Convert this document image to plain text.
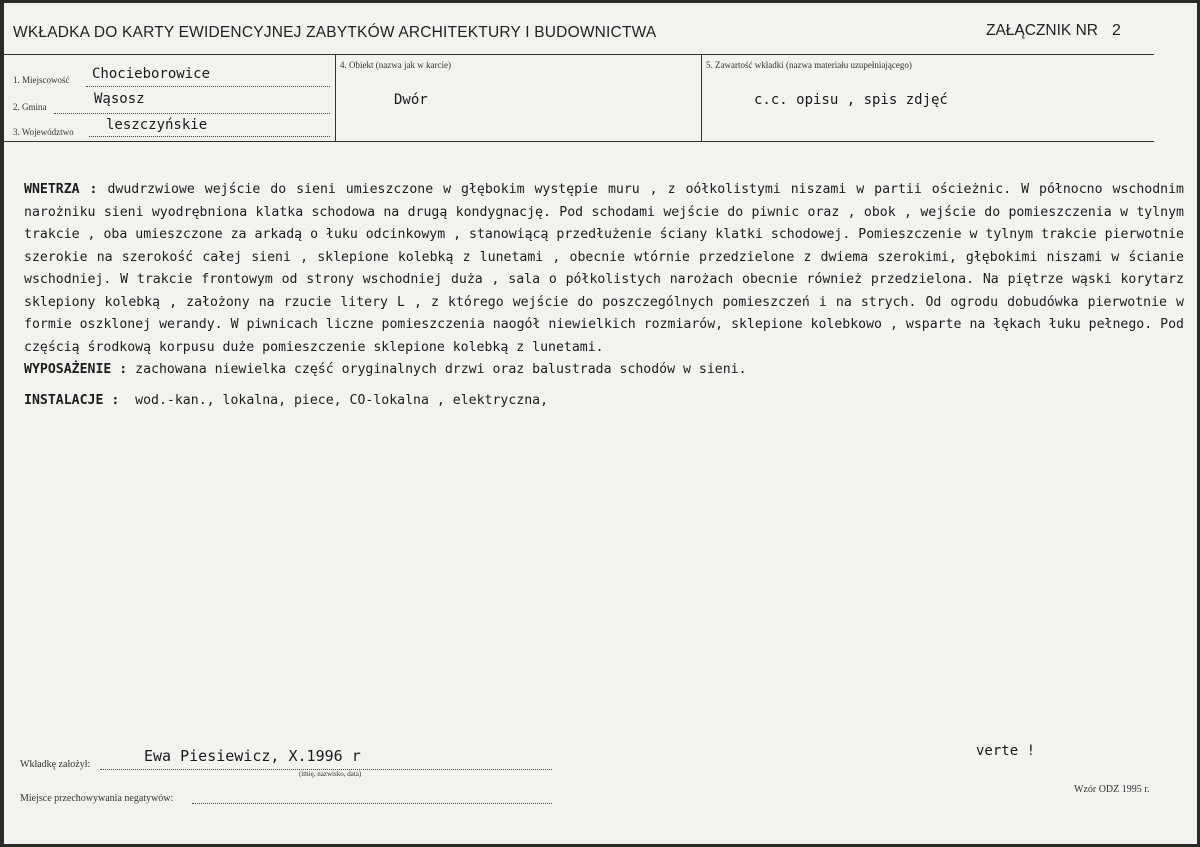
WKŁADKA DO KARTY EWIDENCYJNEJ ZABYTKÓW ARCHITEKTURY I BUDOWNICTWA	ZAŁĄCZNIK NR 2
1. Miejscowość Chocieborowice
2. Gmina	Wąsosz
3. Województwo leszczyńskie
4. Obiekt (nazwa jak w karcie)
Dwór
5. Zawartość wkładki (nazwa materiału uzupełniającego)
c.c. opisu , spis zdjęć

WNETRZA : dwudrzwiowe wejście do sieni umieszczone w głębokim występie muru , z oółkolistymi niszami w partii ościeżnic. W północno wschodnim narożniku sieni wyodrębniona klatka schodowa na drugą kondygnację. Pod schodami wejście do piwnic oraz , obok , wejście do pomieszczenia w tylnym trakcie , oba umieszczone za arkadą o łuku odcinkowym , stanowiącą przedłużenie ściany klatki schodowej. Pomieszczenie w tylnym trakcie pierwotnie szerokie na szerokość całej sieni , sklepione kolebką z lunetami , obecnie wtórnie przedzielone z dwiema szerokimi, głębokimi niszami w ścianie wschodniej. W trakcie frontowym od strony wschodniej duża , sala o półkolistych narożach obecnie również przedzielona. Na piętrze wąski korytarz sklepiony kolebką , założony na rzucie litery L , z którego wejście do poszczególnych pomieszczeń i na strych. Od ogrodu dobudówka pierwotnie w formie oszklonej werandy. W piwnicach liczne pomieszczenia naogół niewielkich rozmiarów, sklepione kolebkowo , wsparte na łękach łuku pełnego. Pod częścią środkową korpusu duże pomieszczenie sklepione kolebką z lunetami.

WYPOSAŻENIE : zachowana niewielka część oryginalnych drzwi oraz balustrada schodów w sieni.

INSTALACJE : wod.-kan., lokalna, piece, CO-lokalna , elektryczna,

Wkładkę założył:	Ewa Piesiewicz, X.1996 r
(imię, nazwisko, data)
Miejsce przechowywania negatywów:
verte !
Wzór ODZ 1995 r.
